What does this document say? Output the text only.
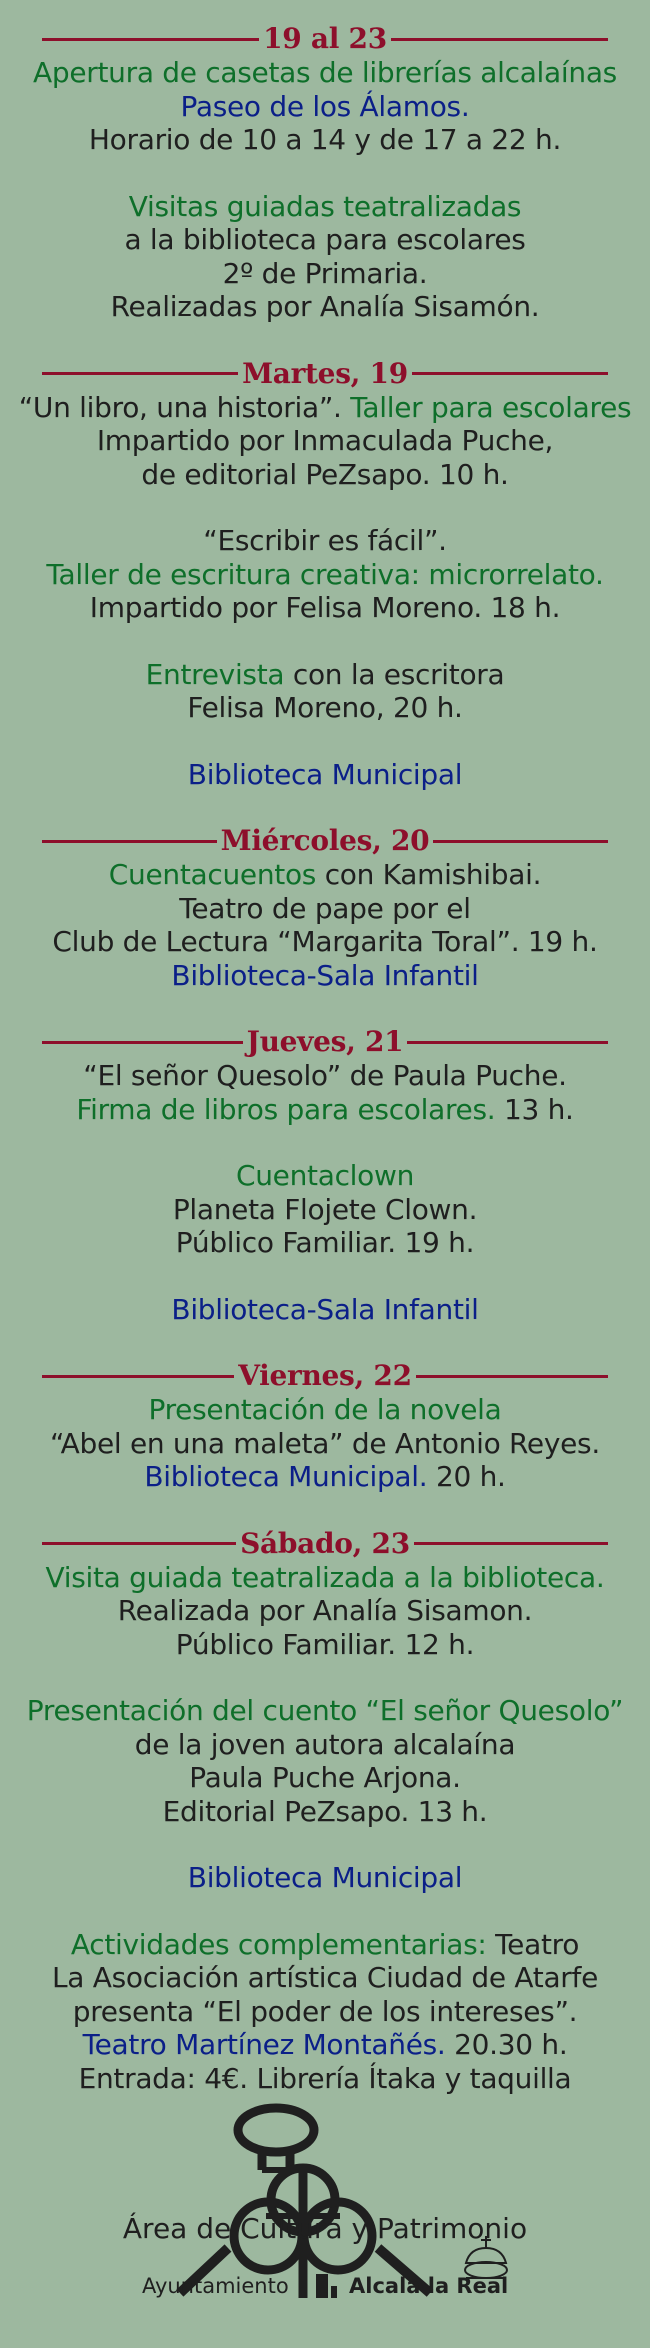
19 al 23
Apertura de casetas de librerías alcalaínas
Paseo de los Álamos.
Horario de 10 a 14 y de 17 a 22 h.
Visitas guiadas teatralizadas
a la biblioteca para escolares
2º de Primaria.
Realizadas por Analía Sisamón.
Martes, 19
“Un libro, una historia”. Taller para escolares
Impartido por Inmaculada Puche,
de editorial PeZsapo. 10 h.
“Escribir es fácil”.
Taller de escritura creativa: microrrelato.
Impartido por Felisa Moreno. 18 h.
Entrevista con la escritora
Felisa Moreno, 20 h.
Biblioteca Municipal
Miércoles, 20
Cuentacuentos con Kamishibai.
Teatro de pape por el
Club de Lectura “Margarita Toral”. 19 h.
Biblioteca-Sala Infantil
Jueves, 21
“El señor Quesolo” de Paula Puche.
Firma de libros para escolares. 13 h.
Cuentaclown
Planeta Flojete Clown.
Público Familiar. 19 h.
Biblioteca-Sala Infantil
Viernes, 22
Presentación de la novela
“Abel en una maleta” de Antonio Reyes.
Biblioteca Municipal. 20 h.
Sábado, 23
Visita guiada teatralizada a la biblioteca.
Realizada por Analía Sisamon.
Público Familiar. 12 h.
Presentación del cuento “El señor Quesolo”
de la joven autora alcalaína
Paula Puche Arjona.
Editorial PeZsapo. 13 h.
Biblioteca Municipal
Actividades complementarias: Teatro
La Asociación artística Ciudad de Atarfe
presenta “El poder de los intereses”.
Teatro Martínez Montañés. 20.30 h.
Entrada: 4€. Librería Ítaka y taquilla
Ayuntamiento	Alcalá la Real
Área de Cultura y Patrimonio
